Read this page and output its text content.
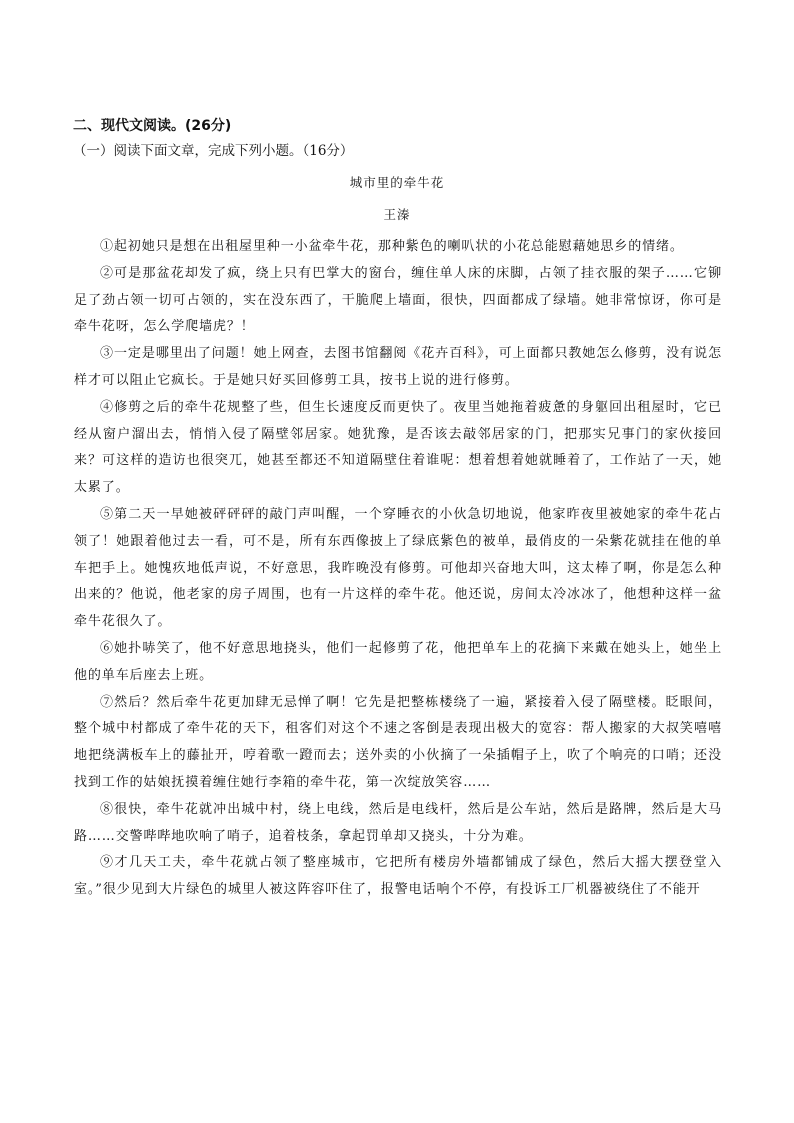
二、现代文阅读。(26分)
（一）阅读下面文章，完成下列小题。（16分）
城市里的牵牛花
王溱

①起初她只是想在出租屋里种一小盆牵牛花，那种紫色的喇叭状的小花总能慰藉她思乡的情绪。

②可是那盆花却发了疯，绕上只有巴掌大的窗台，缠住单人床的床脚，占领了挂衣服的架子……它铆足了劲占领一切可占领的，实在没东西了，干脆爬上墙面，很快，四面都成了绿墙。她非常惊讶，你可是牵牛花呀，怎么学爬墙虎？！

③一定是哪里出了问题！她上网查，去图书馆翻阅《花卉百科》，可上面都只教她怎么修剪，没有说怎样才可以阻止它疯长。于是她只好买回修剪工具，按书上说的进行修剪。

④修剪之后的牵牛花规整了些，但生长速度反而更快了。夜里当她拖着疲惫的身躯回出租屋时，它已经从窗户溜出去，悄悄入侵了隔壁邻居家。她犹豫，是否该去敲邻居家的门，把那实兄事门的家伙接回来？可这样的造访也很突兀，她甚至都还不知道隔壁住着谁呢：想着想着她就睡着了，工作站了一天，她太累了。

⑤第二天一早她被砰砰砰的敲门声叫醒，一个穿睡衣的小伙急切地说，他家昨夜里被她家的牵牛花占领了！她跟着他过去一看，可不是，所有东西像披上了绿底紫色的被单，最俏皮的一朵紫花就挂在他的单车把手上。她愧疚地低声说，不好意思，我昨晚没有修剪。可他却兴奋地大叫，这太棒了啊，你是怎么种出来的？他说，他老家的房子周围，也有一片这样的牵牛花。他还说，房间太冷冰冰了，他想种这样一盆牵牛花很久了。

⑥她扑哧笑了，他不好意思地挠头，他们一起修剪了花，他把单车上的花摘下来戴在她头上，她坐上他的单车后座去上班。

⑦然后？然后牵牛花更加肆无忌惮了啊！它先是把整栋楼绕了一遍，紧接着入侵了隔壁楼。眨眼间，整个城中村都成了牵牛花的天下，租客们对这个不速之客倒是表现出极大的宽容：帮人搬家的大叔笑嘻嘻地把绕满板车上的藤扯开，哼着歌一蹬而去；送外卖的小伙摘了一朵插帽子上，吹了个响亮的口哨；还没找到工作的姑娘抚摸着缠住她行李箱的牵牛花，第一次绽放笑容……

⑧很快，牵牛花就冲出城中村，绕上电线，然后是电线杆，然后是公车站，然后是路牌，然后是大马路……交警哔哔地吹响了哨子，追着枝条，拿起罚单却又挠头，十分为难。

⑨才几天工夫，牵牛花就占领了整座城市，它把所有楼房外墙都铺成了绿色，然后大摇大摆登堂入室。”很少见到大片绿色的城里人被这阵容吓住了，报警电话响个不停，有投诉工厂机器被绕住了不能开
